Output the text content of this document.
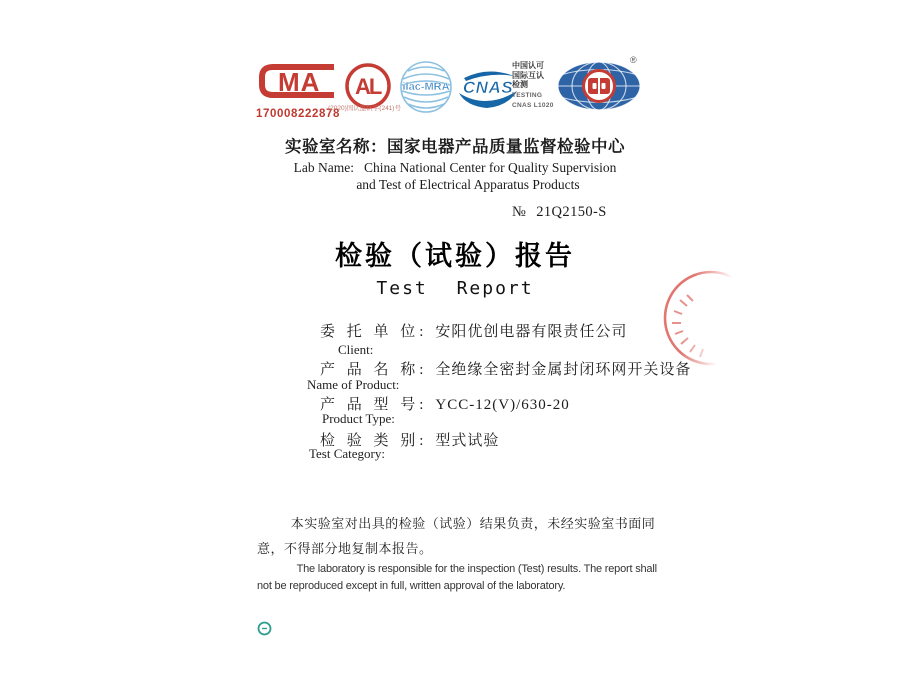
MA
170008222878
AL
(2020)国认监认字(241)号
ilac-MRA CNAS
中国认可
国际互认
检测
TESTING
CNAS L1020
®
实验室名称：国家电器产品质量监督检验中心
Lab Name: China National Center for Quality Supervision
and Test of Electrical Apparatus Products
№ 21Q2150-S
检验（试验）报告
Test Report
委 托 单 位: 安阳优创电器有限责任公司
Client:
产 品 名 称: 全绝缘全密封金属封闭环网开关设备
Name of Product:
产 品 型 号: YCC-12(V)/630-20
Product Type:
检 验 类 别: 型式试验
Test Category:
本实验室对出具的检验（试验）结果负责，未经实验室书面同意，不得部分地复制本报告。
The laboratory is responsible for the inspection (Test) results. The report shall not be reproduced except in full, written approval of the laboratory.
